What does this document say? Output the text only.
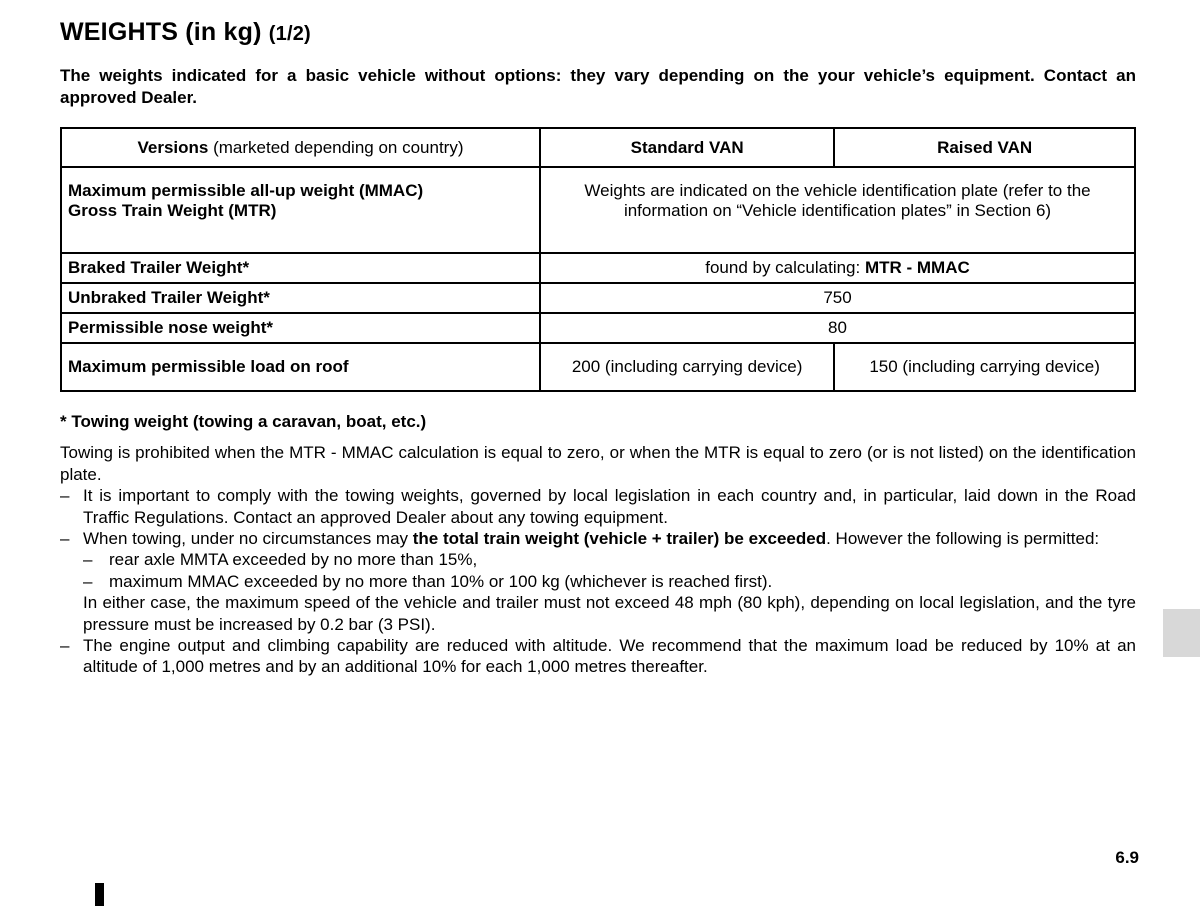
WEIGHTS (in kg) (1/2)

The weights indicated for a basic vehicle without options: they vary depending on the your vehicle’s equipment. Contact an approved Dealer.

Versions (marketed depending on country)	Standard VAN	Raised VAN

Maximum permissible all-up weight (MMAC)
Gross Train Weight (MTR)	Weights are indicated on the vehicle identification plate (refer to the information on “Vehicle identification plates” in Section 6)	
Braked Trailer Weight*	found by calculating: MTR - MMAC	
Unbraked Trailer Weight*	750	
Permissible nose weight*	80	
Maximum permissible load on roof	200 (including carrying device)	150 (including carrying device)

* Towing weight (towing a caravan, boat, etc.)

Towing is prohibited when the MTR - MMAC calculation is equal to zero, or when the MTR is equal to zero (or is not listed) on the identification plate.

– It is important to comply with the towing weights, governed by local legislation in each country and, in particular, laid down in the Road Traffic Regulations. Contact an approved Dealer about any towing equipment.
– When towing, under no circumstances may the total train weight (vehicle + trailer) be exceeded. However the following is permitted:
– rear axle MMTA exceeded by no more than 15%,
– maximum MMAC exceeded by no more than 10% or 100 kg (whichever is reached first).
In either case, the maximum speed of the vehicle and trailer must not exceed 48 mph (80 kph), depending on local legislation, and the tyre pressure must be increased by 0.2 bar (3 PSI).
– The engine output and climbing capability are reduced with altitude. We recommend that the maximum load be reduced by 10% at an altitude of 1,000 metres and by an additional 10% for each 1,000 metres thereafter.
6.9
